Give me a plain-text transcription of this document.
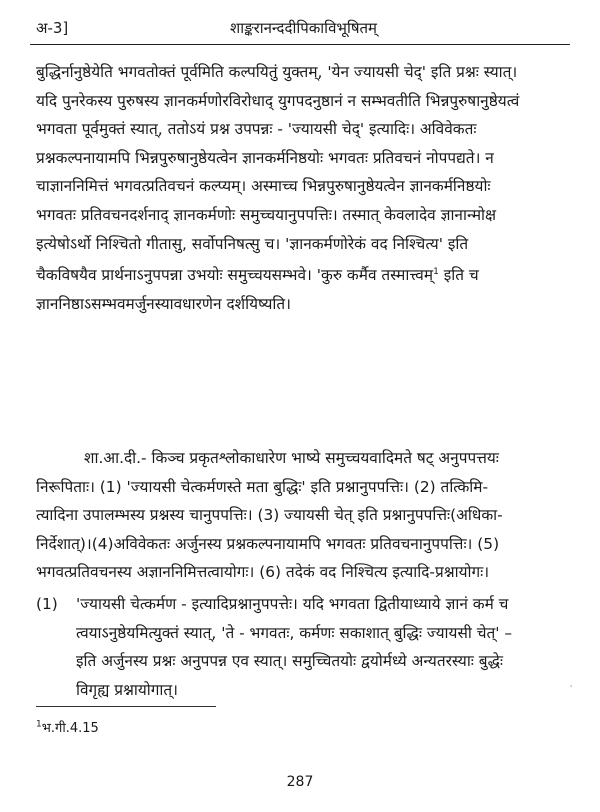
अ-3]	शाङ्करानन्ददीपिकाविभूषितम्
बुद्धिर्नानुष्ठेयेति भगवतोक्तं पूर्वमिति कल्पयितुं युक्तम्, 'येन ज्यायसी चेद्' इति प्रश्नः स्यात्।
यदि पुनरेकस्य पुरुषस्य ज्ञानकर्मणोरविरोधाद् युगपदनुष्ठानं न सम्भवतीति भिन्नपुरुषानुष्ठेयत्वं
भगवता पूर्वमुक्तं स्यात्, ततोऽयं प्रश्न उपपन्नः - 'ज्यायसी चेद्' इत्यादिः। अविवेकतः
प्रश्नकल्पनायामपि भिन्नपुरुषानुष्ठेयत्वेन ज्ञानकर्मनिष्ठयोः भगवतः प्रतिवचनं नोपपद्यते। न
चाज्ञाननिमित्तं भगवत्प्रतिवचनं कल्प्यम्। अस्माच्च भिन्नपुरुषानुष्ठेयत्वेन ज्ञानकर्मनिष्ठयोः
भगवतः प्रतिवचनदर्शनाद् ज्ञानकर्मणोः समुच्चयानुपपत्तिः। तस्मात् केवलादेव ज्ञानान्मोक्ष
इत्येषोऽर्थो निश्चितो गीतासु, सर्वोपनिषत्सु च। 'ज्ञानकर्मणोरेकं वद निश्चित्य' इति
चैकविषयैव प्रार्थनाऽनुपपन्ना उभयोः समुच्चयसम्भवे। 'कुरु कर्मैव तस्मात्त्वम्$^1$ इति च
ज्ञाननिष्ठाऽसम्भवमर्जुनस्यावधारणेन दर्शयिष्यति।
शा.आ.दी.- किञ्च प्रकृतश्लोकाधारेण भाष्ये समुच्चयवादिमते षट् अनुपपत्तयः
निरूपिताः। (1) 'ज्यायसी चेत्कर्मणस्ते मता बुद्धिः' इति प्रश्नानुपपत्तिः। (2) तत्किमि-
त्यादिना उपालम्भस्य प्रश्नस्य चानुपपत्तिः। (3) ज्यायसी चेत् इति प्रश्नानुपपत्तिः(अधिका-
निर्देशात्)।(4)अविवेकतः अर्जुनस्य प्रश्नकल्पनायामपि भगवतः प्रतिवचनानुपपत्तिः। (5)
भगवत्प्रतिवचनस्य अज्ञाननिमित्तत्वायोगः। (6) तदेकं वद निश्चित्य इत्यादि-प्रश्नायोगः।
(1) 'ज्यायसी चेत्कर्मण - इत्यादिप्रश्नानुपपत्तेः। यदि भगवता द्वितीयाध्याये ज्ञानं कर्म च
त्वयाऽनुष्ठेयमित्युक्तं स्यात्, 'ते - भगवतः, कर्मणः सकाशात् बुद्धिः ज्यायसी चेत्' –
इति अर्जुनस्य प्रश्नः अनुपपन्न एव स्यात्। समुच्चितयोः द्वयोर्मध्ये अन्यतरस्याः बुद्धेः
विगृह्य प्रश्नायोगात्।	'
$^1$भ.गी.4.15
287
